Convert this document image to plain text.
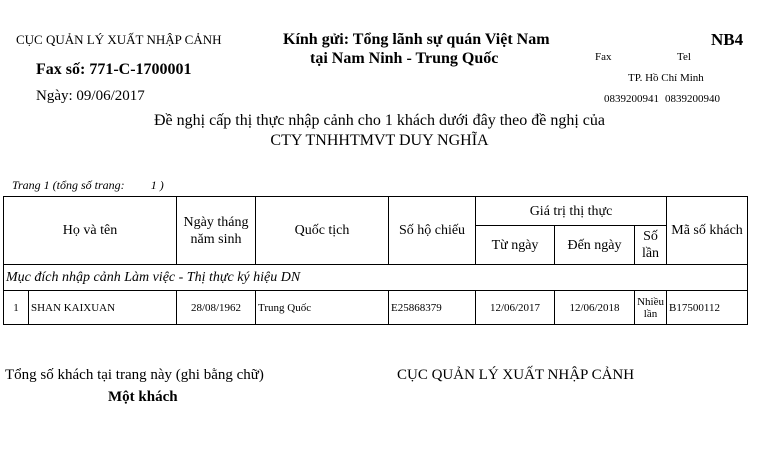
CỤC QUẢN LÝ XUẤT NHẬP CẢNH
Fax số: 771-C-1700001
Ngày: 09/06/2017
Kính gửi: Tổng lãnh sự quán Việt Nam
tại Nam Ninh - Trung Quốc
NB4
Fax	Tel
TP. Hồ Chí Minh
0839200941 0839200940
Đề nghị cấp thị thực nhập cảnh cho 1 khách dưới đây theo đề nghị của
CTY TNHHTMVT DUY NGHĨA
Trang 1 (tổng số trang: 1 )
Họ và tên		Ngày tháng năm sinh	Quốc tịch	Số hộ chiếu	Giá trị thị thực			Mã số khách
					Từ ngày	Đến ngày	Số lần	
Mục đích nhập cảnh Làm việc - Thị thực ký hiệu DN								
1	SHAN KAIXUAN	28/08/1962	Trung Quốc	E25868379	12/06/2017	12/06/2018	Nhiều lần	B17500112
Tổng số khách tại trang này (ghi bằng chữ)
Một khách
CỤC QUẢN LÝ XUẤT NHẬP CẢNH
